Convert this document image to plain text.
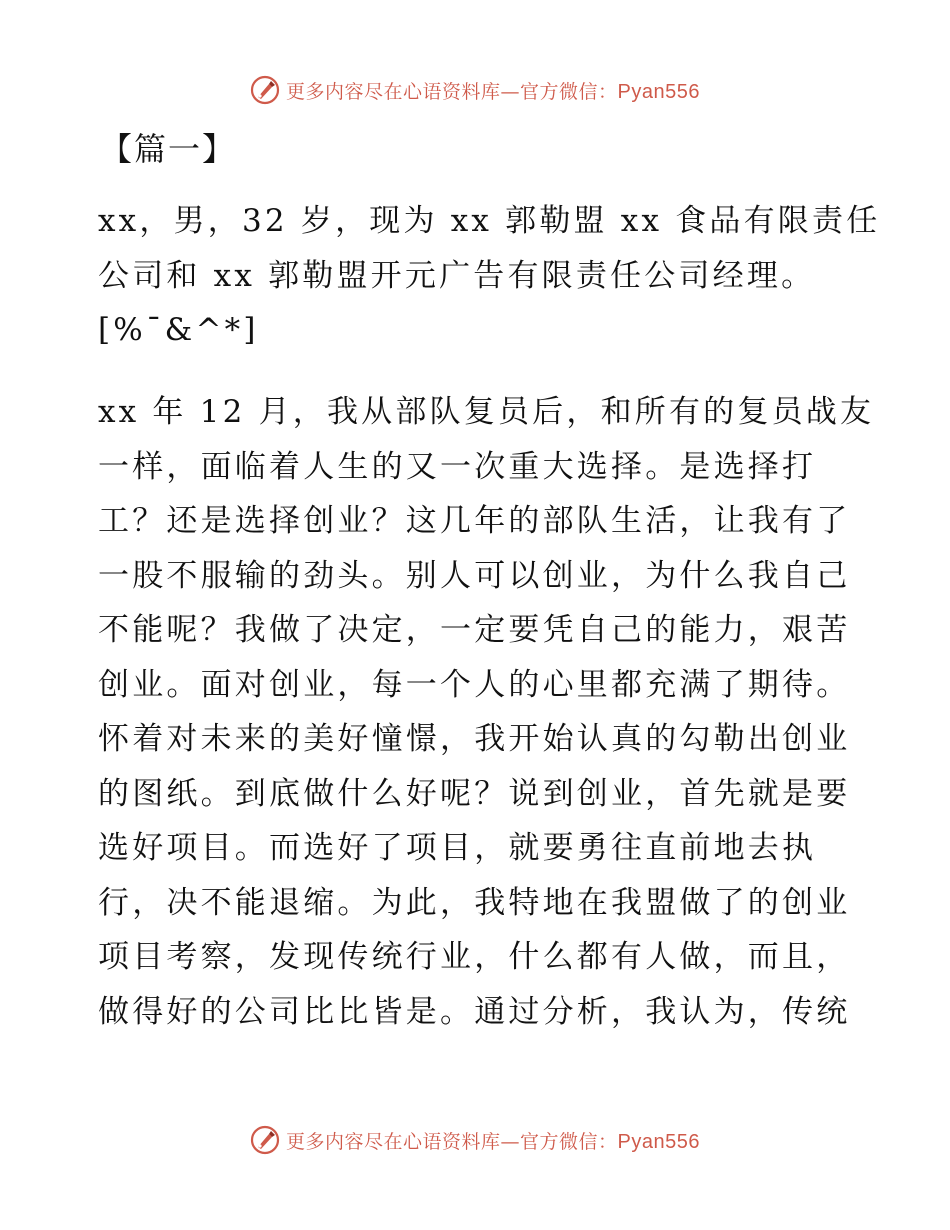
更多内容尽在心语资料库—官方微信：Pyan556
【篇一】
xx，男，32 岁，现为 xx 郭勒盟 xx 食品有限责任
公司和 xx 郭勒盟开元广告有限责任公司经理。
[%¯&^*]
xx 年 12 月，我从部队复员后，和所有的复员战友
一样，面临着人生的又一次重大选择。是选择打
工？还是选择创业？这几年的部队生活，让我有了
一股不服输的劲头。别人可以创业，为什么我自己
不能呢？我做了决定，一定要凭自己的能力，艰苦
创业。面对创业，每一个人的心里都充满了期待。
怀着对未来的美好憧憬，我开始认真的勾勒出创业
的图纸。到底做什么好呢？说到创业，首先就是要
选好项目。而选好了项目，就要勇往直前地去执
行，决不能退缩。为此，我特地在我盟做了的创业
项目考察，发现传统行业，什么都有人做，而且，
做得好的公司比比皆是。通过分析，我认为，传统
更多内容尽在心语资料库—官方微信：Pyan556
